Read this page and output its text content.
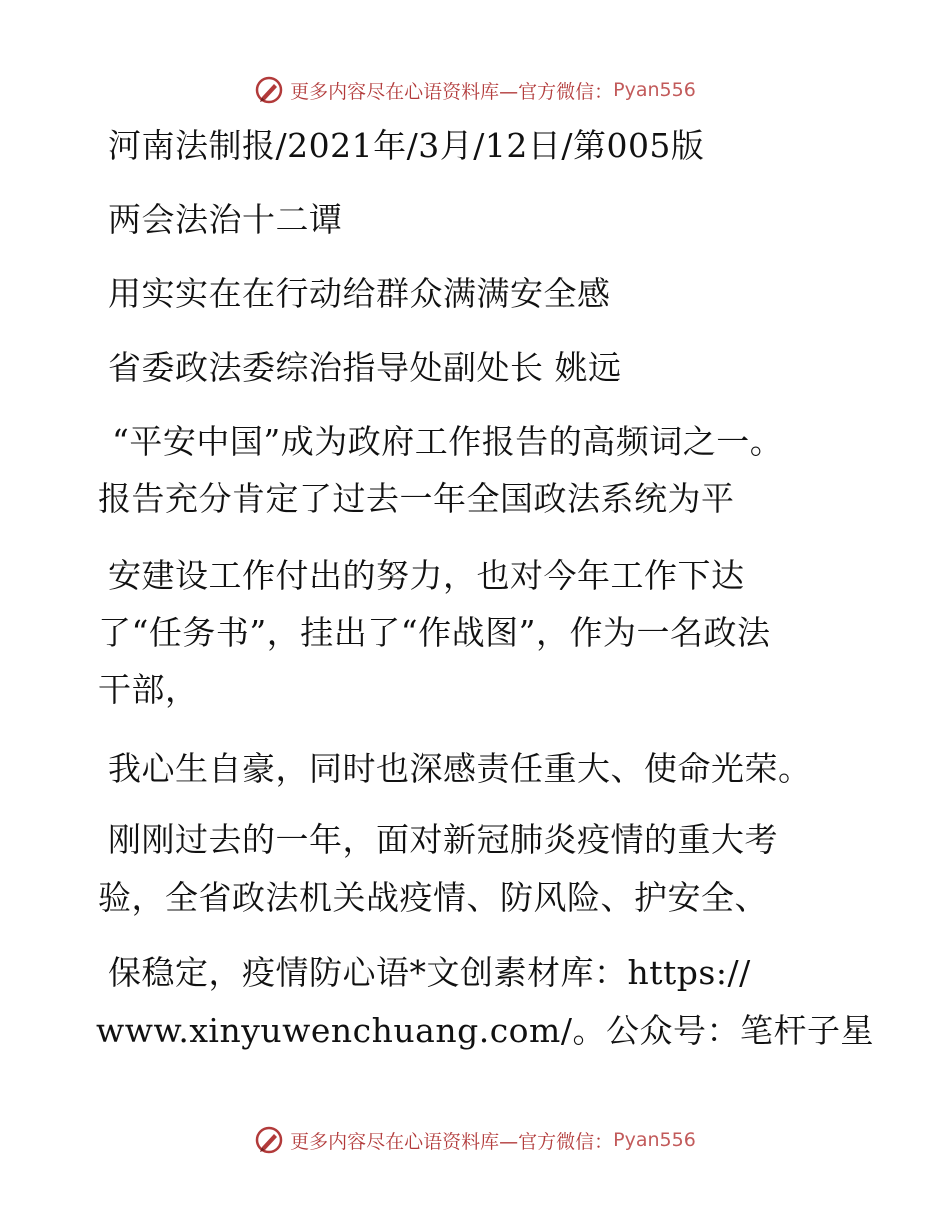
更多内容尽在心语资料库—官方微信： Pyan556
河南法制报/2021年/3月/12日/第005版
两会法治十二谭
用实实在在行动给群众满满安全感
省委政法委综治指导处副处长 姚远
“平安中国”成为政府工作报告的高频词之一。
报告充分肯定了过去一年全国政法系统为平
安建设工作付出的努力，也对今年工作下达
了“任务书”，挂出了“作战图”，作为一名政法
干部，
我心生自豪，同时也深感责任重大、使命光荣。
刚刚过去的一年，面对新冠肺炎疫情的重大考
验，全省政法机关战疫情、防风险、护安全、
保稳定，疫情防心语*文创素材库：https://
www.xinyuwenchuang.com/。公众号：笔杆子星
更多内容尽在心语资料库—官方微信： Pyan556
